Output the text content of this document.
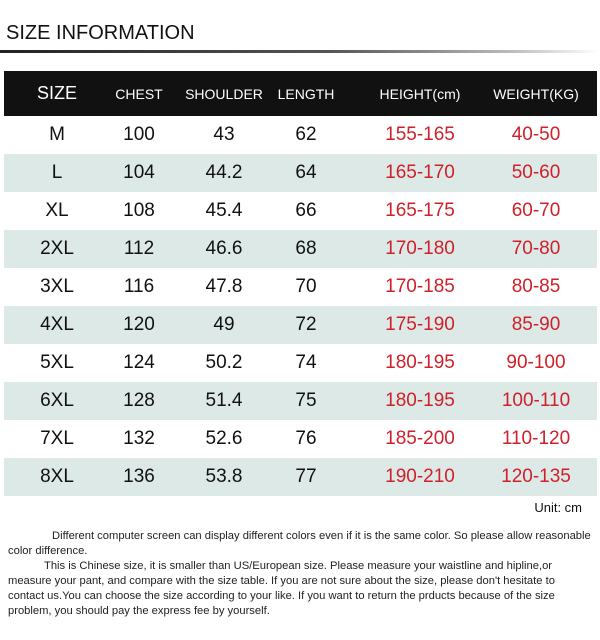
SIZE INFORMATION
SIZE	CHEST	SHOULDER	LENGTH	HEIGHT(cm)	WEIGHT(KG)
M	100	43	62	155-165	40-50
L	104	44.2	64	165-170	50-60
XL	108	45.4	66	165-175	60-70
2XL	112	46.6	68	170-180	70-80
3XL	116	47.8	70	170-185	80-85
4XL	120	49	72	175-190	85-90
5XL	124	50.2	74	180-195	90-100
6XL	128	51.4	75	180-195	100-110
7XL	132	52.6	76	185-200	110-120
8XL	136	53.8	77	190-210	120-135
Unit: cm
Different computer screen can display different colors even if it is the same color. So please allow reasonable color difference.
This is Chinese size, it is smaller than US/European size. Please measure your waistline and hipline,or measure your pant, and compare with the size table. If you are not sure about the size, please don't hesitate to contact us.You can choose the size according to your like. If you want to return the prducts because of the size problem, you should pay the express fee by yourself.
